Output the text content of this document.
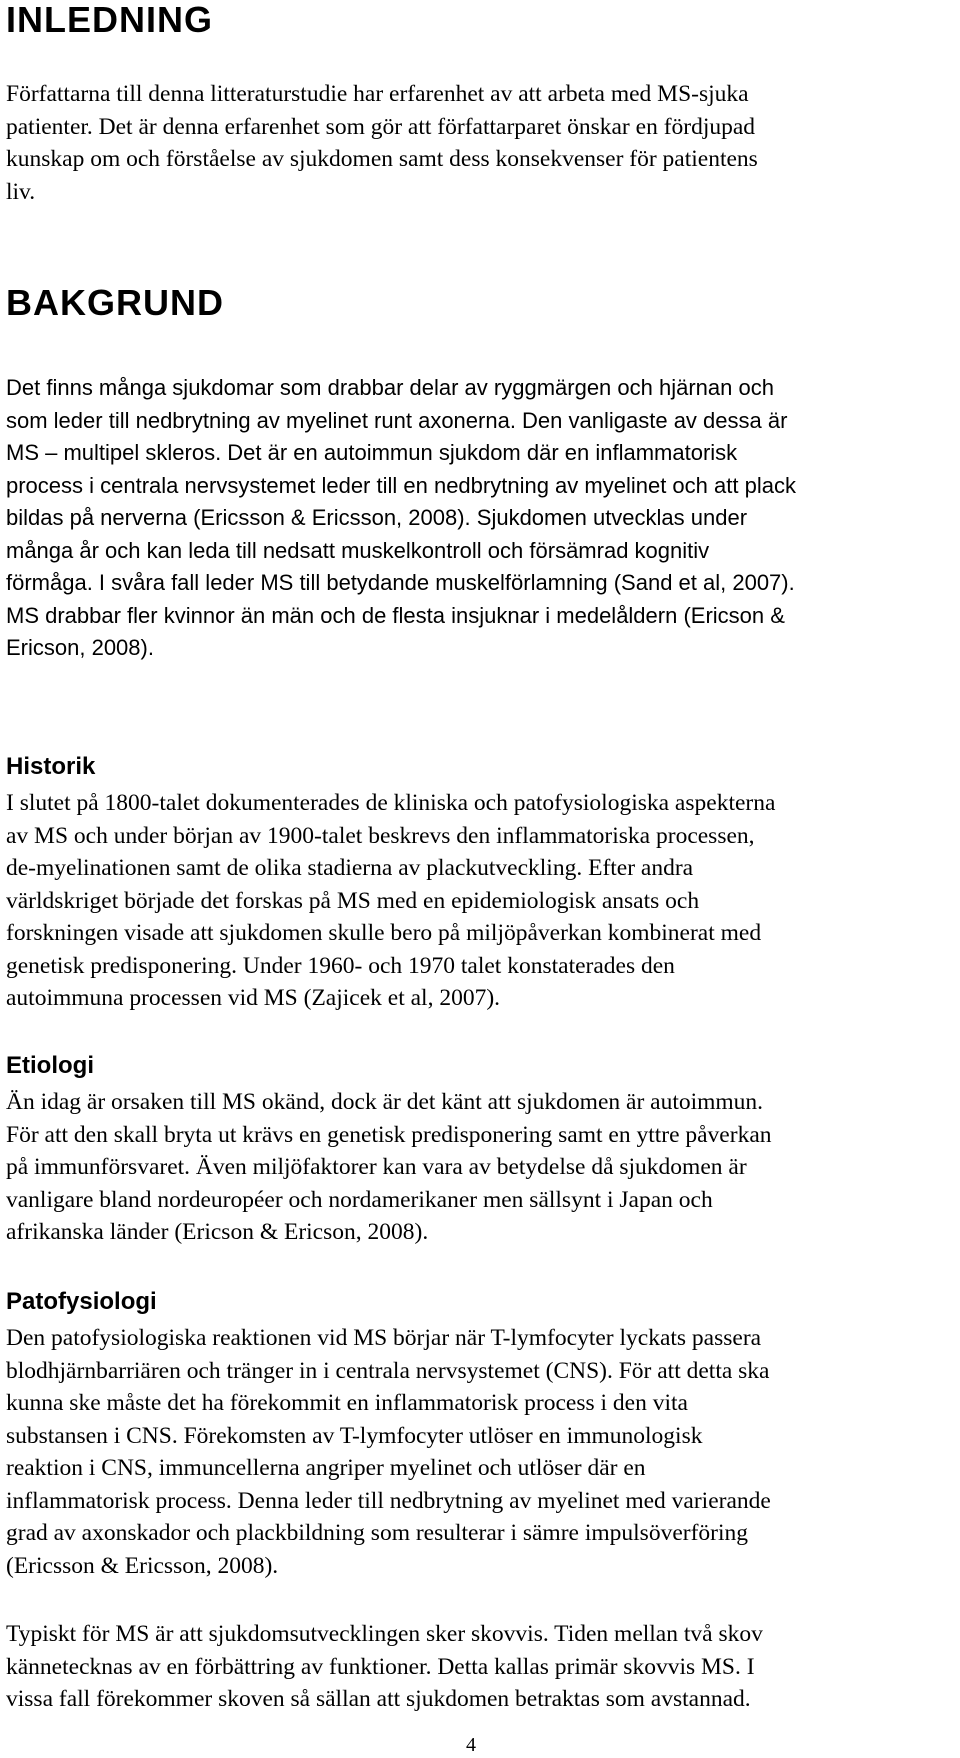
INLEDNING

Författarna till denna litteraturstudie har erfarenhet av att arbeta med MS-sjuka
patienter. Det är denna erfarenhet som gör att författarparet önskar en fördjupad
kunskap om och förståelse av sjukdomen samt dess konsekvenser för patientens
liv.

BAKGRUND

Det finns många sjukdomar som drabbar delar av ryggmärgen och hjärnan och
som leder till nedbrytning av myelinet runt axonerna. Den vanligaste av dessa är
MS – multipel skleros. Det är en autoimmun sjukdom där en inflammatorisk
process i centrala nervsystemet leder till en nedbrytning av myelinet och att plack
bildas på nerverna (Ericsson & Ericsson, 2008). Sjukdomen utvecklas under
många år och kan leda till nedsatt muskelkontroll och försämrad kognitiv
förmåga. I svåra fall leder MS till betydande muskelförlamning (Sand et al, 2007).
MS drabbar fler kvinnor än män och de flesta insjuknar i medelåldern (Ericson &
Ericson, 2008).

Historik

I slutet på 1800-talet dokumenterades de kliniska och patofysiologiska aspekterna
av MS och under början av 1900-talet beskrevs den inflammatoriska processen,
de-myelinationen samt de olika stadierna av plackutveckling. Efter andra
världskriget började det forskas på MS med en epidemiologisk ansats och
forskningen visade att sjukdomen skulle bero på miljöpåverkan kombinerat med
genetisk predisponering. Under 1960- och 1970 talet konstaterades den
autoimmuna processen vid MS (Zajicek et al, 2007).

Etiologi

Än idag är orsaken till MS okänd, dock är det känt att sjukdomen är autoimmun.
För att den skall bryta ut krävs en genetisk predisponering samt en yttre påverkan
på immunförsvaret. Även miljöfaktorer kan vara av betydelse då sjukdomen är
vanligare bland nordeuropéer och nordamerikaner men sällsynt i Japan och
afrikanska länder (Ericson & Ericson, 2008).

Patofysiologi

Den patofysiologiska reaktionen vid MS börjar när T-lymfocyter lyckats passera
blodhjärnbarriären och tränger in i centrala nervsystemet (CNS). För att detta ska
kunna ske måste det ha förekommit en inflammatorisk process i den vita
substansen i CNS. Förekomsten av T-lymfocyter utlöser en immunologisk
reaktion i CNS, immuncellerna angriper myelinet och utlöser där en
inflammatorisk process. Denna leder till nedbrytning av myelinet med varierande
grad av axonskador och plackbildning som resulterar i sämre impulsöverföring
(Ericsson & Ericsson, 2008).

Typiskt för MS är att sjukdomsutvecklingen sker skovvis. Tiden mellan två skov
kännetecknas av en förbättring av funktioner. Detta kallas primär skovvis MS. I
vissa fall förekommer skoven så sällan att sjukdomen betraktas som avstannad.

4
